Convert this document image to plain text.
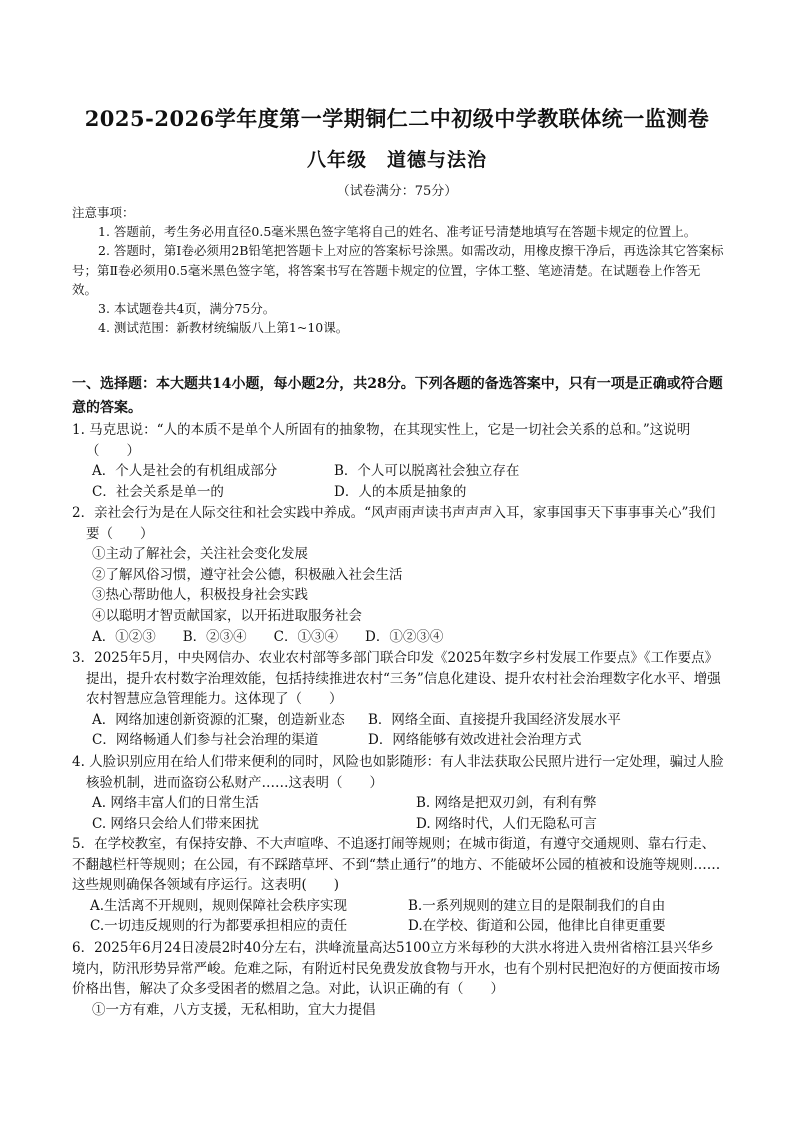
2025-2026学年度第一学期铜仁二中初级中学教联体统一监测卷
八年级　道德与法治
（试卷满分：75分）
注意事项：
1. 答题前，考生务必用直径0.5毫米黑色签字笔将自己的姓名、准考证号清楚地填写在答题卡规定的位置上。
2. 答题时，第Ⅰ卷必须用2B铅笔把答题卡上对应的答案标号涂黑。如需改动，用橡皮擦干净后，再选涂其它答案标号；第Ⅱ卷必须用0.5毫米黑色签字笔，将答案书写在答题卡规定的位置，字体工整、笔迹清楚。在试题卷上作答无效。
3. 本试题卷共4页，满分75分。
4. 测试范围：新教材统编版八上第1~10课。
一、选择题：本大题共14小题，每小题2分，共28分。下列各题的备选答案中，只有一项是正确或符合题意的答案。
1. 马克思说：“人的本质不是单个人所固有的抽象物，在其现实性上，它是一切社会关系的总和。”这说明（　　）
A．个人是社会的有机组成部分	B．个人可以脱离社会独立存在
C．社会关系是单一的	D．人的本质是抽象的
2．亲社会行为是在人际交往和社会实践中养成。“风声雨声读书声声声入耳，家事国事天下事事事关心”我们要（　　）
①主动了解社会，关注社会变化发展
②了解风俗习惯，遵守社会公德，积极融入社会生活
③热心帮助他人，积极投身社会实践
④以聪明才智贡献国家，以开拓进取服务社会
A．①②③　　B．②③④　　C．①③④　　D．①②③④
3．2025年5月，中央网信办、农业农村部等多部门联合印发《2025年数字乡村发展工作要点》《工作要点》提出，提升农村数字治理效能，包括持续推进农村“三务”信息化建设、提升农村社会治理数字化水平、增强农村智慧应急管理能力。这体现了（　　）
A．网络加速创新资源的汇聚，创造新业态	B．网络全面、直接提升我国经济发展水平
C．网络畅通人们参与社会治理的渠道	D．网络能够有效改进社会治理方式
4. 人脸识别应用在给人们带来便利的同时，风险也如影随形：有人非法获取公民照片进行一定处理，骗过人脸核验机制，进而盗窃公私财产……这表明（　　）
A. 网络丰富人们的日常生活	B. 网络是把双刃剑，有利有弊
C. 网络只会给人们带来困扰	D. 网络时代，人们无隐私可言
5．在学校教室，有保持安静、不大声喧哗、不追逐打闹等规则；在城市街道，有遵守交通规则、靠右行走、不翻越栏杆等规则；在公园，有不踩踏草坪、不到“禁止通行”的地方、不能破坏公园的植被和设施等规则……这些规则确保各领域有序运行。这表明(　　)
A.生活离不开规则，规则保障社会秩序实现	B.一系列规则的建立目的是限制我们的自由
C.一切违反规则的行为都要承担相应的责任	D.在学校、街道和公园，他律比自律更重要
6．2025年6月24日凌晨2时40分左右，洪峰流量高达5100立方米每秒的大洪水将进入贵州省榕江县兴华乡境内，防汛形势异常严峻。危难之际，有附近村民免费发放食物与开水，也有个别村民把泡好的方便面按市场价格出售，解决了众多受困者的燃眉之急。对此，认识正确的有（　　）
①一方有难，八方支援，无私相助，宜大力提倡
